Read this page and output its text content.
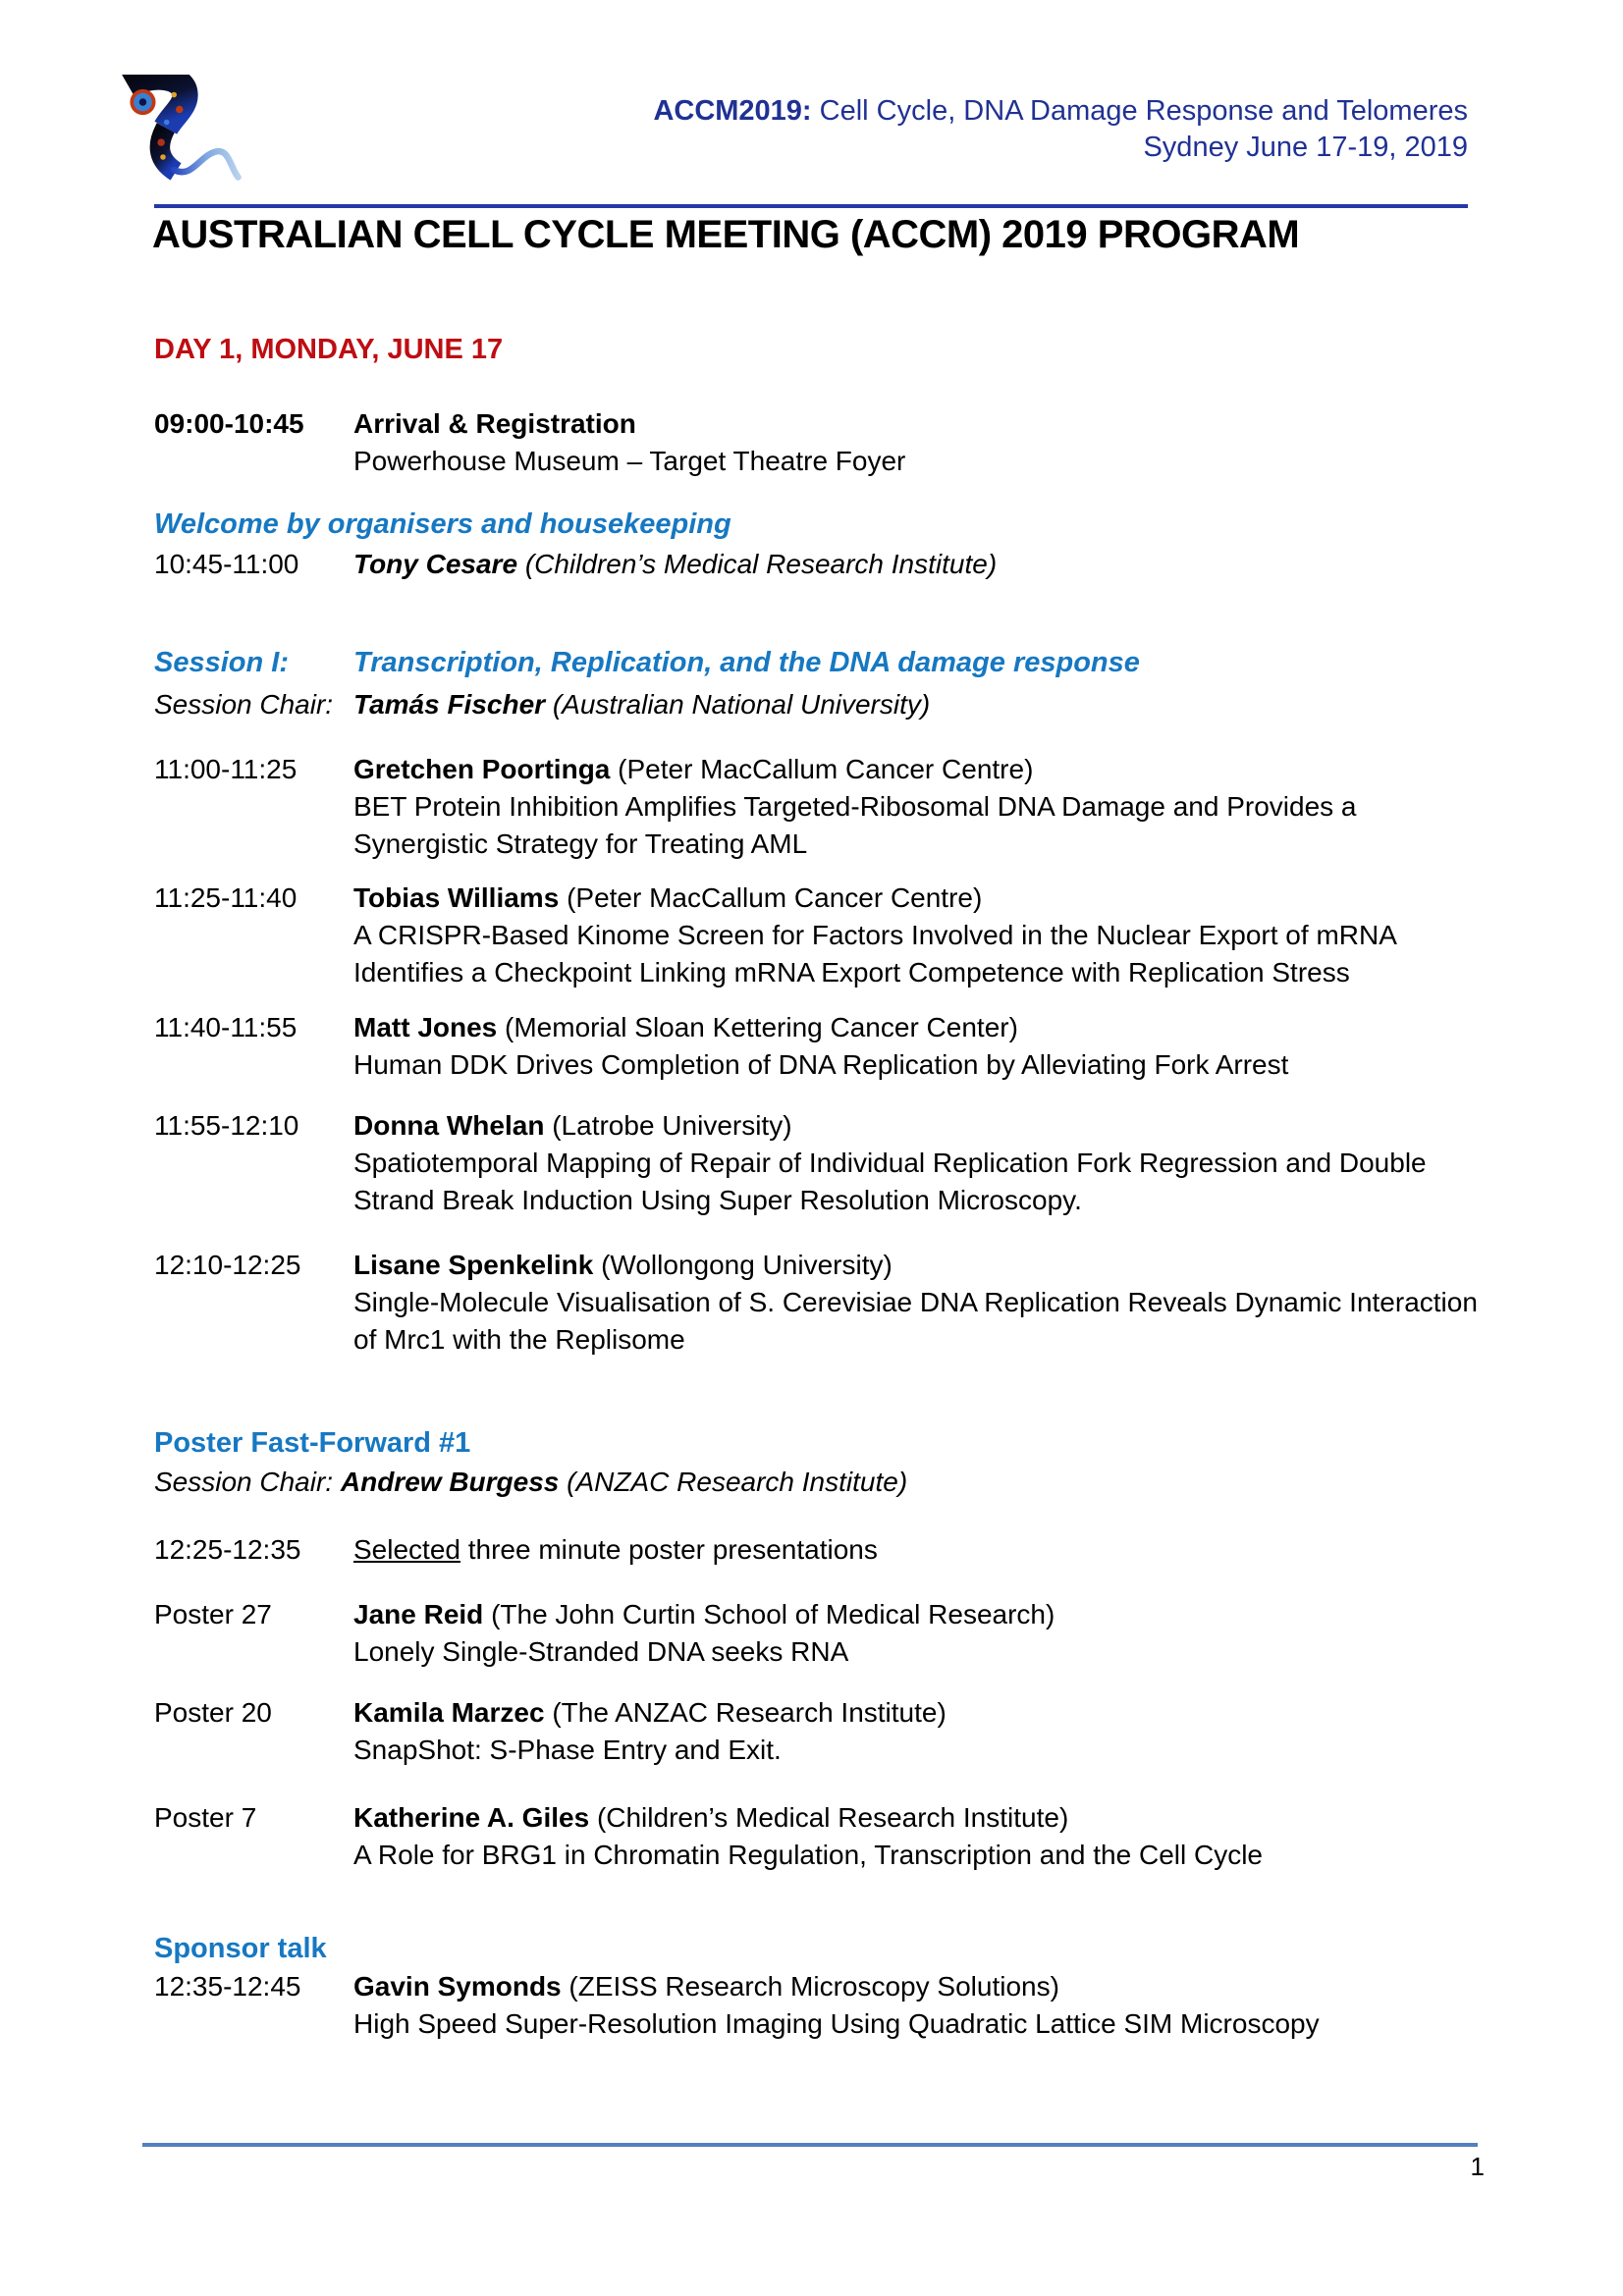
ACCM2019: Cell Cycle, DNA Damage Response and Telomeres
Sydney June 17-19, 2019
AUSTRALIAN CELL CYCLE MEETING (ACCM) 2019 PROGRAM
DAY 1, MONDAY, JUNE 17
09:00-10:45	Arrival & Registration
Powerhouse Museum – Target Theatre Foyer
Welcome by organisers and housekeeping
10:45-11:00	Tony Cesare (Children’s Medical Research Institute)
Session I:	Transcription, Replication, and the DNA damage response
Session Chair: Tamás Fischer (Australian National University)
11:00-11:25	Gretchen Poortinga (Peter MacCallum Cancer Centre)
BET Protein Inhibition Amplifies Targeted-Ribosomal DNA Damage and Provides a Synergistic Strategy for Treating AML
11:25-11:40	Tobias Williams (Peter MacCallum Cancer Centre)
A CRISPR-Based Kinome Screen for Factors Involved in the Nuclear Export of mRNA Identifies a Checkpoint Linking mRNA Export Competence with Replication Stress
11:40-11:55	Matt Jones (Memorial Sloan Kettering Cancer Center)
Human DDK Drives Completion of DNA Replication by Alleviating Fork Arrest
11:55-12:10	Donna Whelan (Latrobe University)
Spatiotemporal Mapping of Repair of Individual Replication Fork Regression and Double Strand Break Induction Using Super Resolution Microscopy.
12:10-12:25	Lisane Spenkelink (Wollongong University)
Single-Molecule Visualisation of S. Cerevisiae DNA Replication Reveals Dynamic Interaction of Mrc1 with the Replisome
Poster Fast-Forward #1
Session Chair: Andrew Burgess (ANZAC Research Institute)
12:25-12:35	Selected three minute poster presentations
Poster 27	Jane Reid (The John Curtin School of Medical Research)
Lonely Single-Stranded DNA seeks RNA
Poster 20	Kamila Marzec (The ANZAC Research Institute)
SnapShot: S-Phase Entry and Exit.
Poster 7	Katherine A. Giles (Children’s Medical Research Institute)
A Role for BRG1 in Chromatin Regulation, Transcription and the Cell Cycle
Sponsor talk
12:35-12:45	Gavin Symonds (ZEISS Research Microscopy Solutions)
High Speed Super-Resolution Imaging Using Quadratic Lattice SIM Microscopy
1
